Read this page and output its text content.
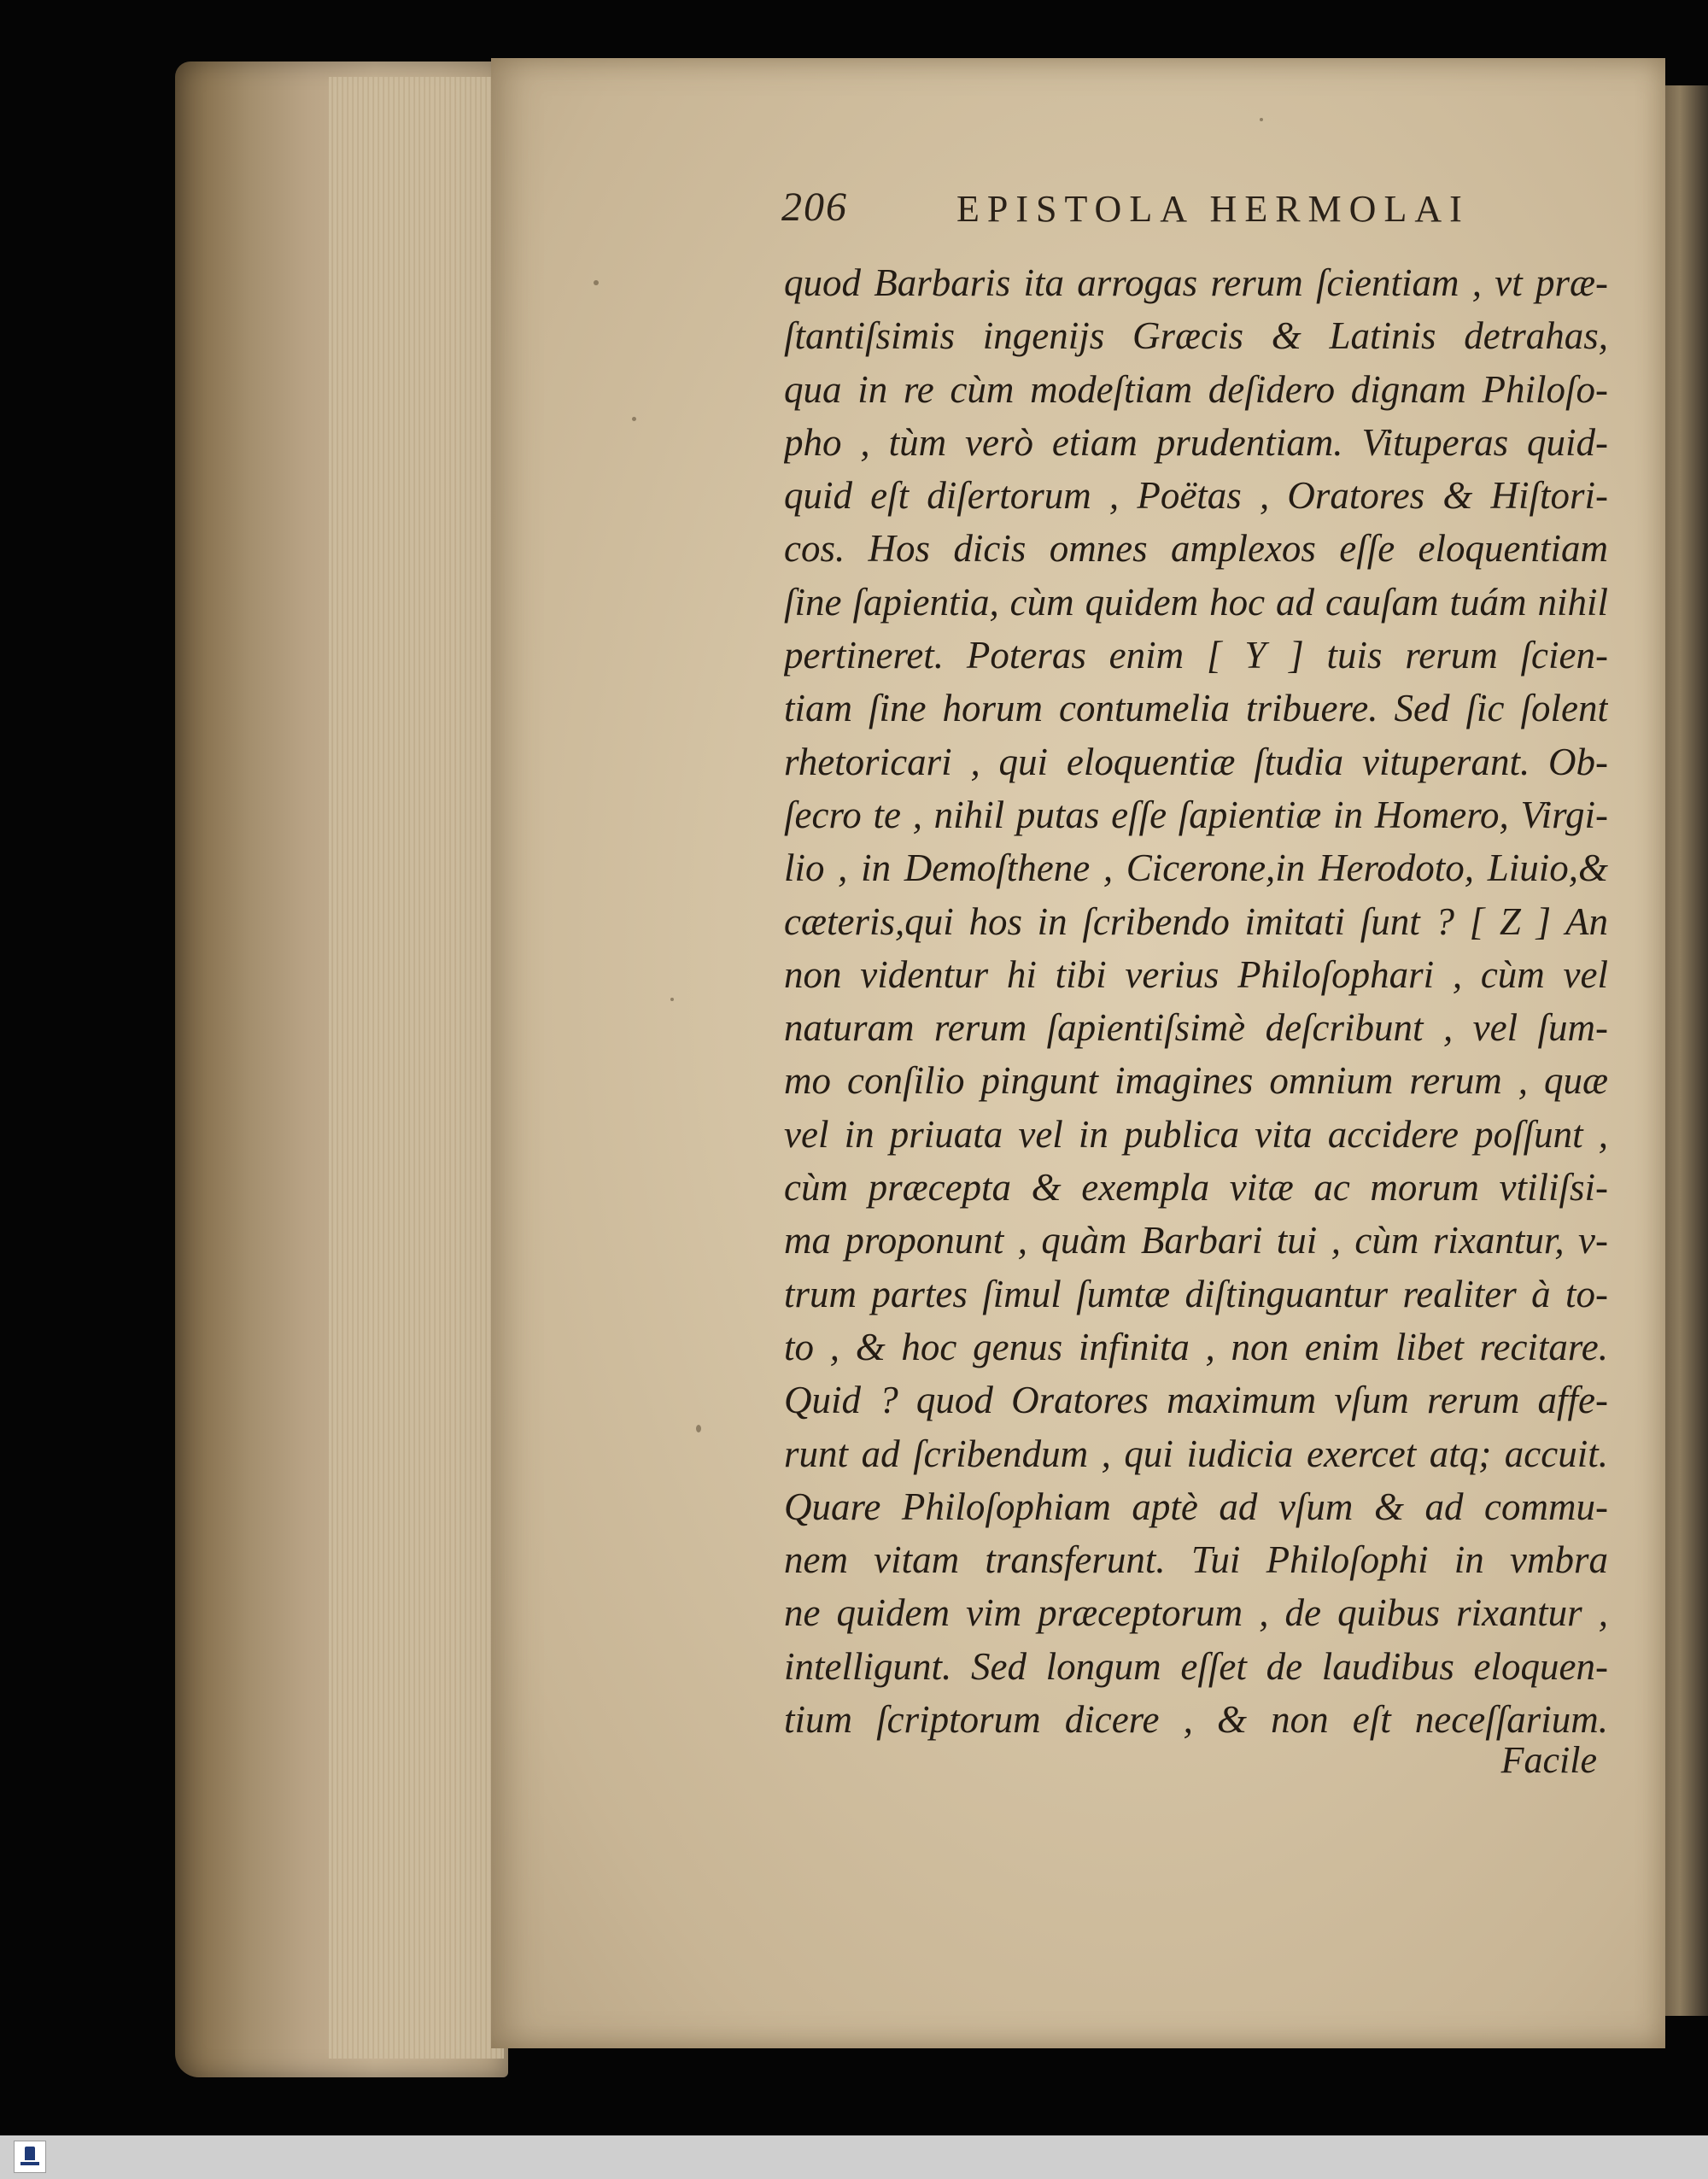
206	EPISTOLA HERMOLAI
quod Barbaris ita arrogas rerum ſcientiam , vt præ-
ſtantiſsimis ingenijs Græcis & Latinis detrahas,
qua in re cùm modeſtiam deſidero dignam Philoſo-
pho , tùm verò etiam prudentiam. Vituperas quid-
quid eſt diſertorum , Poëtas , Oratores & Hiſtori-
cos. Hos dicis omnes amplexos eſſe eloquentiam
ſine ſapientia, cùm quidem hoc ad cauſam tuám nihil
pertineret. Poteras enim [ Y ] tuis rerum ſcien-
tiam ſine horum contumelia tribuere. Sed ſic ſolent
rhetoricari , qui eloquentiæ ſtudia vituperant. Ob-
ſecro te , nihil putas eſſe ſapientiæ in Homero, Virgi-
lio , in Demoſthene , Cicerone,in Herodoto, Liuio,&
cæteris,qui hos in ſcribendo imitati ſunt ? [ Z ] An
non videntur hi tibi verius Philoſophari , cùm vel
naturam rerum ſapientiſsimè deſcribunt , vel ſum-
mo conſilio pingunt imagines omnium rerum , quæ
vel in priuata vel in publica vita accidere poſſunt ,
cùm præcepta & exempla vitæ ac morum vtiliſsi-
ma proponunt , quàm Barbari tui , cùm rixantur, v-
trum partes ſimul ſumtæ diſtinguantur realiter à to-
to , & hoc genus infinita , non enim libet recitare.
Quid ? quod Oratores maximum vſum rerum affe-
runt ad ſcribendum , qui iudicia exercet atq; accuit.
Quare Philoſophiam aptè ad vſum & ad commu-
nem vitam transferunt. Tui Philoſophi in vmbra
ne quidem vim præceptorum , de quibus rixantur ,
intelligunt. Sed longum eſſet de laudibus eloquen-
tium ſcriptorum dicere , & non eſt neceſſarium.
Facile
